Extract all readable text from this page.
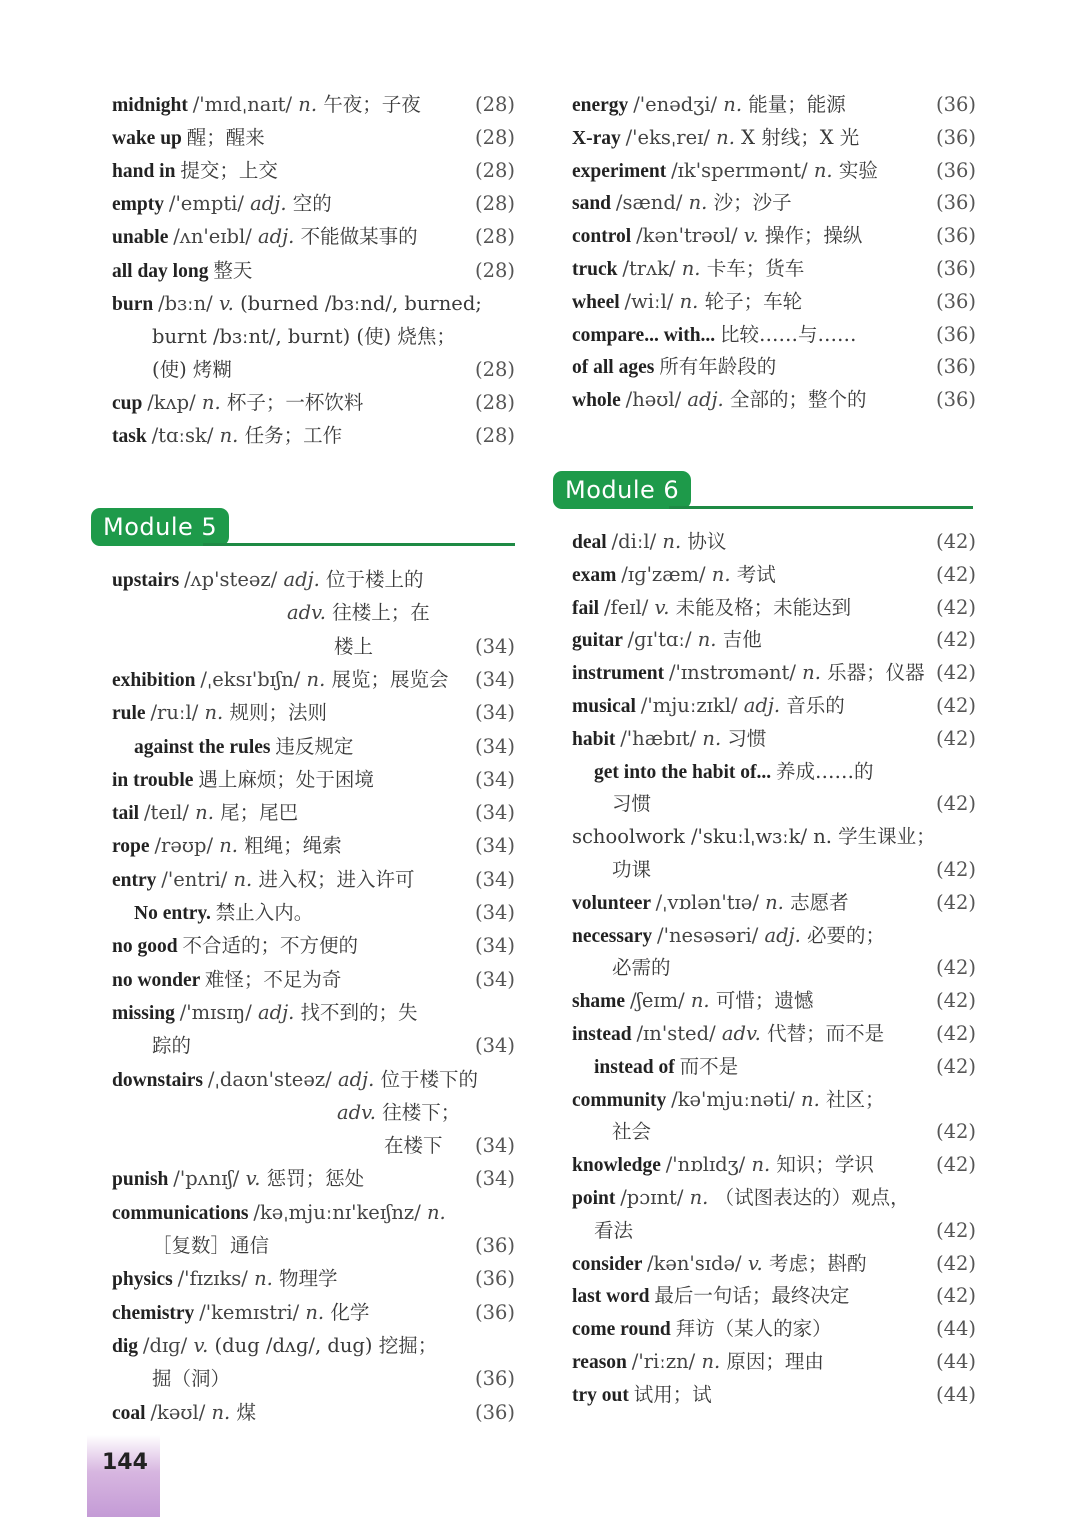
midnight /'mɪdˌnaɪt/ n. 午夜；子夜	(28)
wake up 醒；醒来	(28)
hand in 提交；上交	(28)
empty /'empti/ adj. 空的	(28)
unable /ʌn'eɪbl/ adj. 不能做某事的	(28)
all day long 整天	(28)
burn /bɜːn/ v. (burned /bɜːnd/, burned;
burnt /bɜːnt/, burnt) (使) 烧焦；
(使) 烤糊	(28)
cup /kʌp/ n. 杯子；一杯饮料	(28)
task /tɑːsk/ n. 任务；工作	(28)
Module 5
upstairs /ʌp'steəz/ adj. 位于楼上的
adv. 往楼上；在
楼上	(34)
exhibition /ˌeksɪ'bɪʃn/ n. 展览；展览会 (34)
rule /ruːl/ n. 规则；法则	(34)
against the rules 违反规定	(34)
in trouble 遇上麻烦；处于困境	(34)
tail /teɪl/ n. 尾；尾巴	(34)
rope /rəʊp/ n. 粗绳；绳索	(34)
entry /'entri/ n. 进入权；进入许可	(34)
No entry. 禁止入内。	(34)
no good 不合适的；不方便的	(34)
no wonder 难怪；不足为奇	(34)
missing /'mɪsɪŋ/ adj. 找不到的；失
踪的	(34)
downstairs /ˌdaʊn'steəz/ adj. 位于楼下的
adv. 往楼下；
在楼下 (34)
punish /'pʌnɪʃ/ v. 惩罚；惩处	(34)
communications /kəˌmjuːnɪ'keɪʃnz/ n.
［复数］通信	(36)
physics /'fɪzɪks/ n. 物理学	(36)
chemistry /'kemɪstri/ n. 化学	(36)
dig /dɪɡ/ v. (dug /dʌɡ/, dug) 挖掘；
掘（洞）	(36)
coal /kəʊl/ n. 煤	(36)
energy /'enədʒi/ n. 能量；能源	(36)
X-ray /'eksˌreɪ/ n. X 射线；X 光	(36)
experiment /ɪk'sperɪmənt/ n. 实验	(36)
sand /sænd/ n. 沙；沙子	(36)
control /kən'trəʊl/ v. 操作；操纵	(36)
truck /trʌk/ n. 卡车；货车	(36)
wheel /wiːl/ n. 轮子；车轮	(36)
compare... with... 比较……与……	(36)
of all ages 所有年龄段的	(36)
whole /həʊl/ adj. 全部的；整个的	(36)
Module 6
deal /diːl/ n. 协议	(42)
exam /ɪɡ'zæm/ n. 考试	(42)
fail /feɪl/ v. 未能及格；未能达到	(42)
guitar /ɡɪ'tɑː/ n. 吉他	(42)
instrument /'ɪnstrʊmənt/ n. 乐器；仪器 (42)
musical /'mjuːzɪkl/ adj. 音乐的	(42)
habit /'hæbɪt/ n. 习惯	(42)
get into the habit of... 养成……的
习惯	(42)
schoolwork /'skuːlˌwɜːk/ n. 学生课业；
功课	(42)
volunteer /ˌvɒlən'tɪə/ n. 志愿者	(42)
necessary /'nesəsəri/ adj. 必要的；
必需的	(42)
shame /ʃeɪm/ n. 可惜；遗憾	(42)
instead /ɪn'sted/ adv. 代替；而不是	(42)
instead of 而不是	(42)
community /kə'mjuːnəti/ n. 社区；
社会	(42)
knowledge /'nɒlɪdʒ/ n. 知识；学识	(42)
point /pɔɪnt/ n. （试图表达的）观点，
看法	(42)
consider /kən'sɪdə/ v. 考虑；斟酌	(42)
last word 最后一句话；最终决定	(42)
come round 拜访（某人的家）	(44)
reason /'riːzn/ n. 原因；理由	(44)
try out 试用；试	(44)
144
